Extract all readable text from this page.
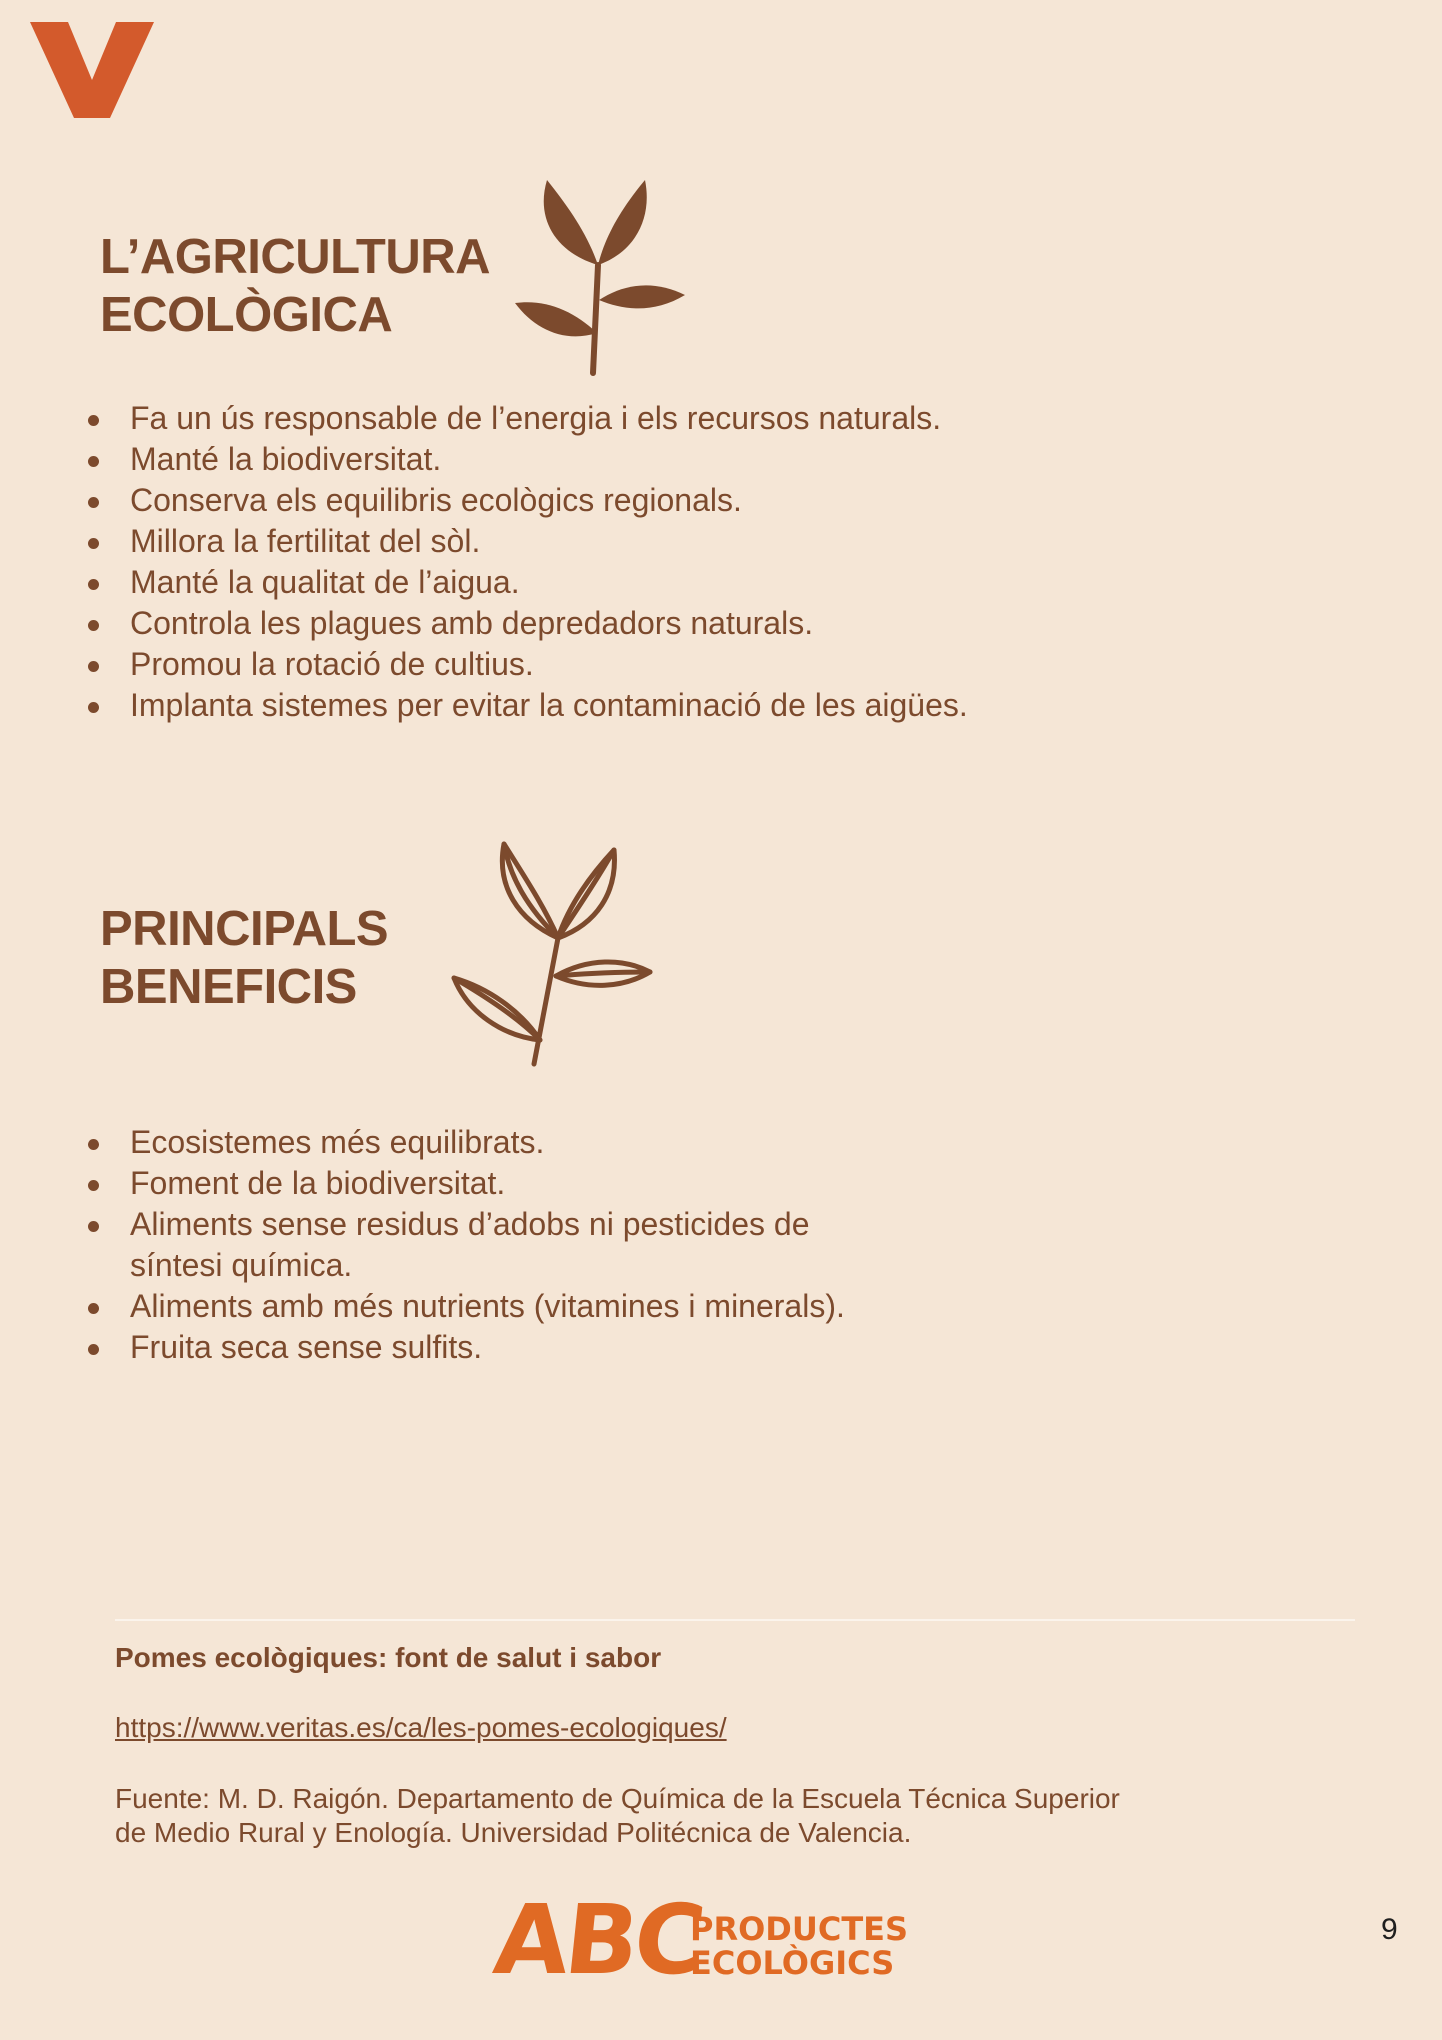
L’AGRICULTURA
ECOLÒGICA
Fa un ús responsable de l’energia i els recursos naturals.
Manté la biodiversitat.
Conserva els equilibris ecològics regionals.
Millora la fertilitat del sòl.
Manté la qualitat de l’aigua.
Controla les plagues amb depredadors naturals.
Promou la rotació de cultius.
Implanta sistemes per evitar la contaminació de les aigües.
PRINCIPALS
BENEFICIS
Ecosistemes més equilibrats.
Foment de la biodiversitat.
Aliments sense residus d’adobs ni pesticides de síntesi química.
Aliments amb més nutrients (vitamines i minerals).
Fruita seca sense sulfits.
Pomes ecològiques: font de salut i sabor
https://www.veritas.es/ca/les-pomes-ecologiques/
Fuente: M. D. Raigón. Departamento de Química de la Escuela Técnica Superior
de Medio Rural y Enología. Universidad Politécnica de Valencia.
ABC
PRODUCTES
ECOLÒGICS
9
